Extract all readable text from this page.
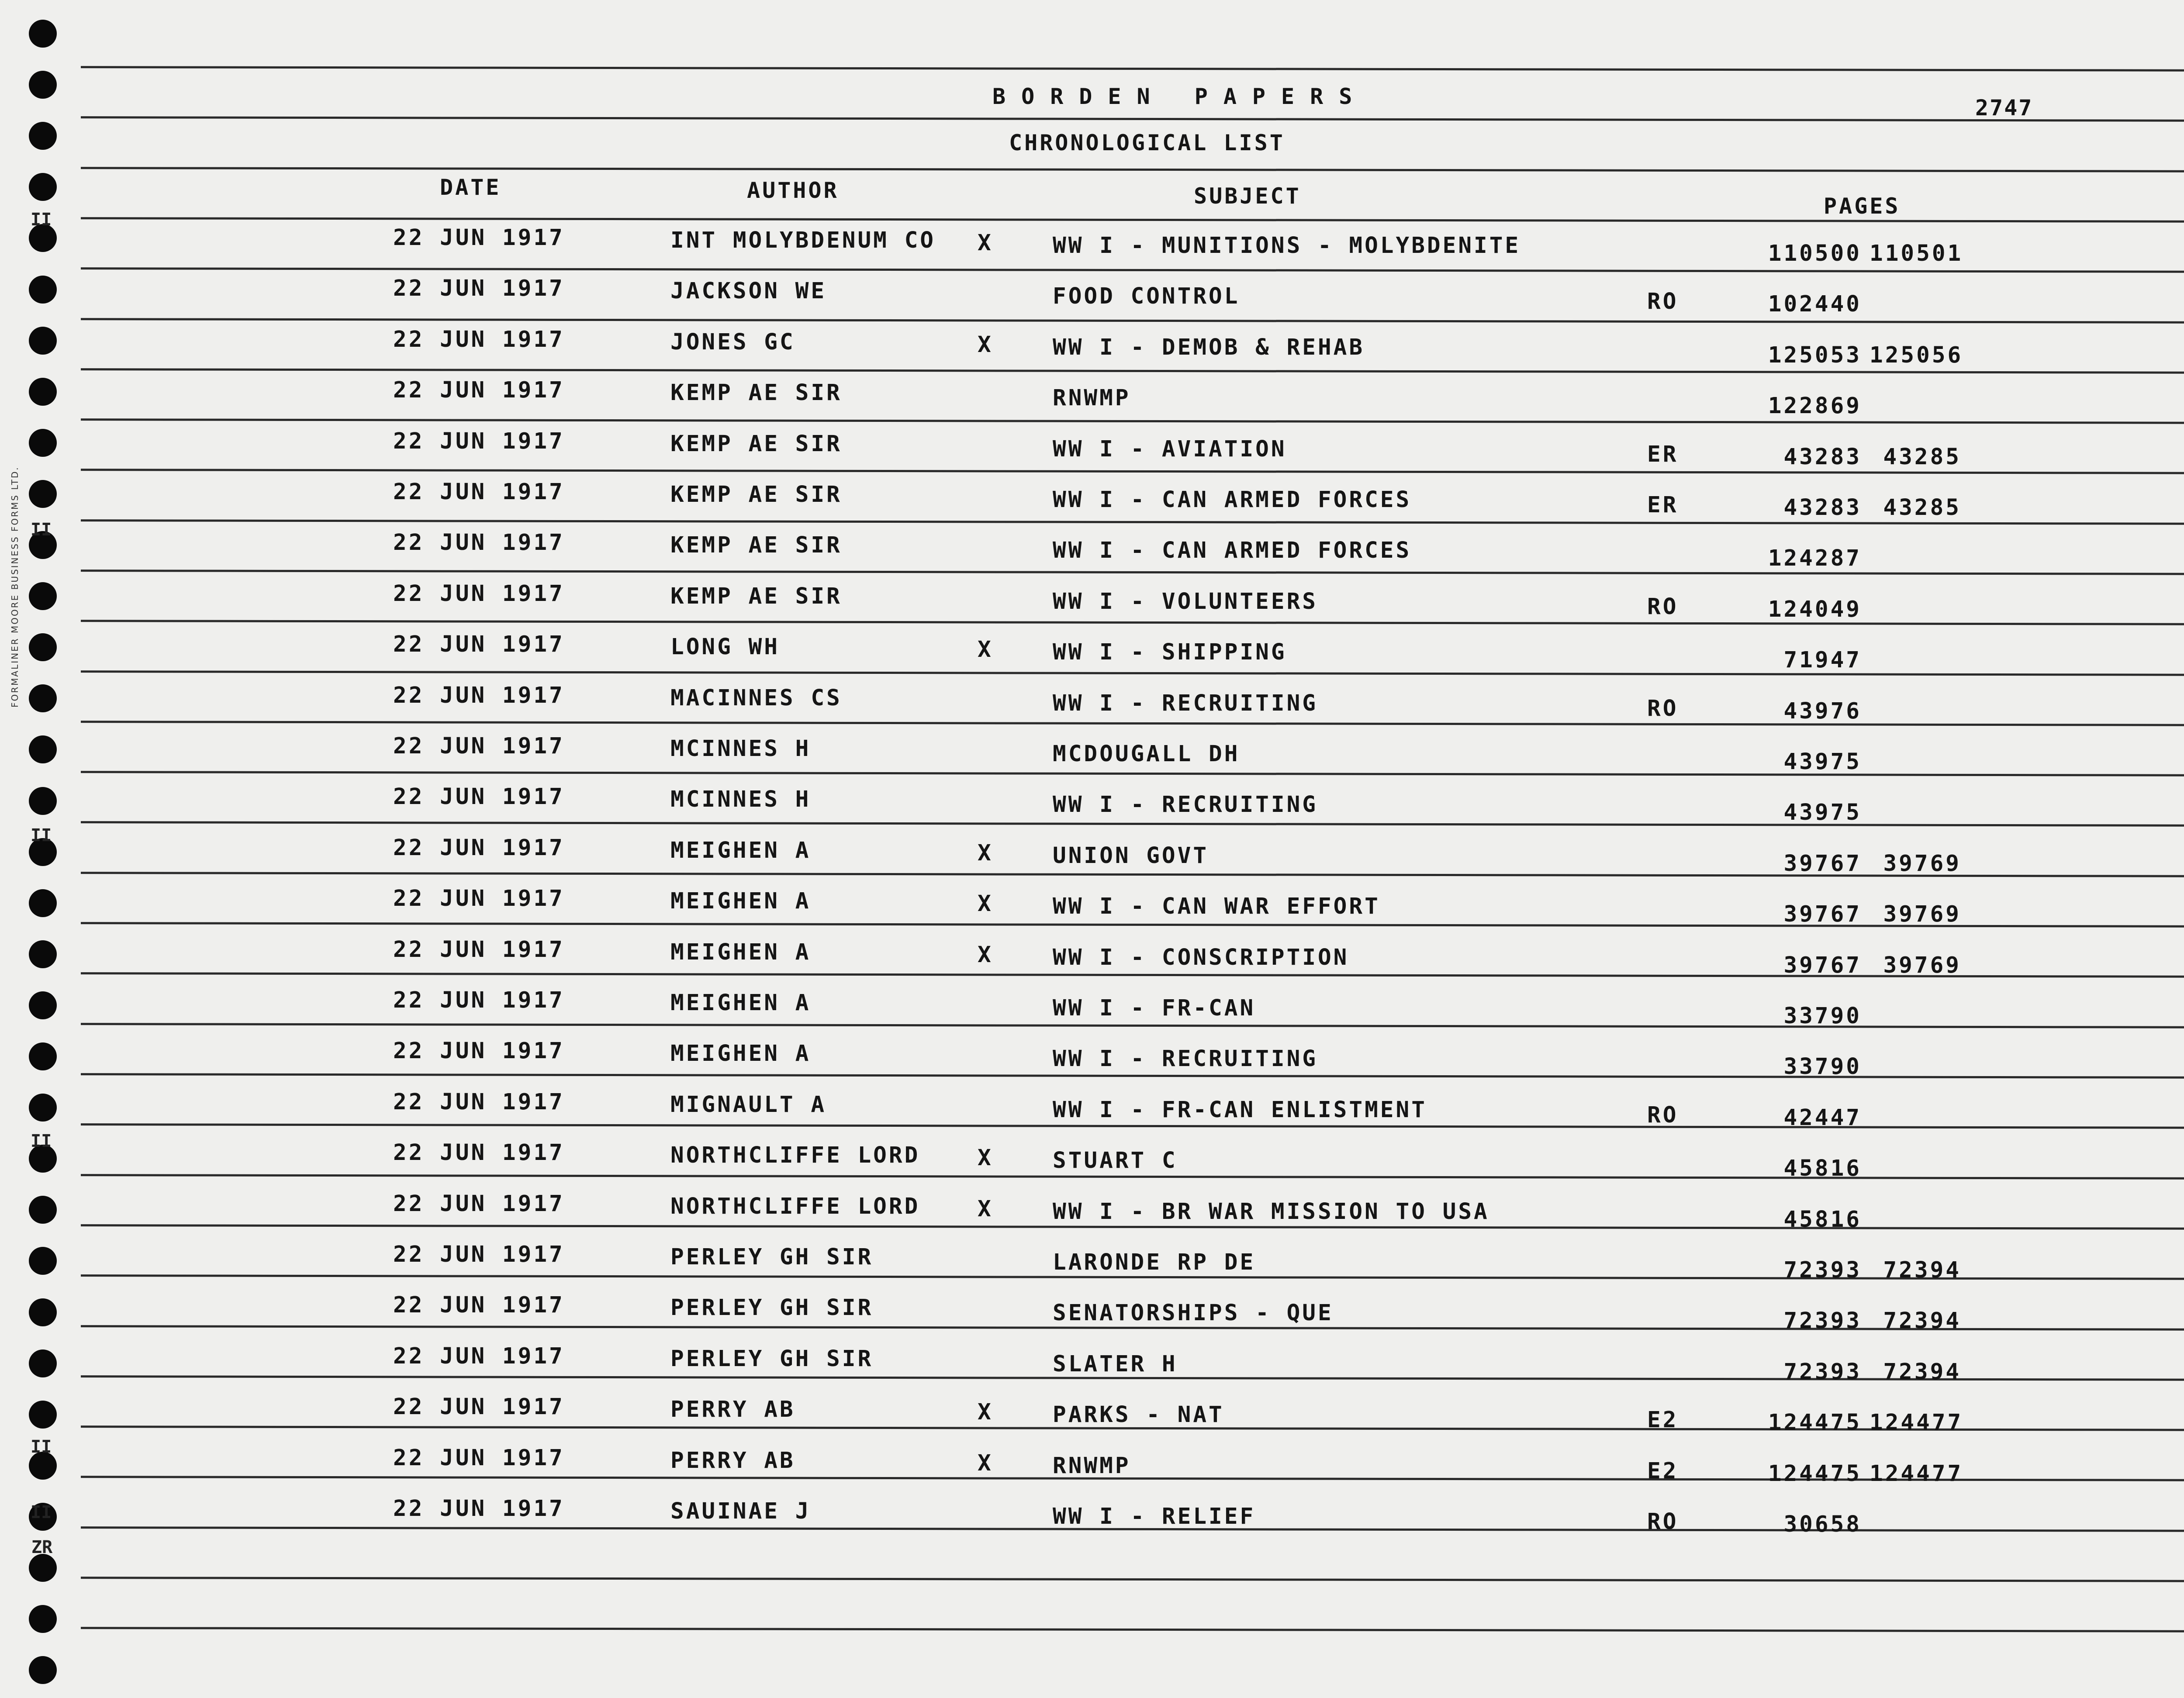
BORDEN PAPERS	2747
CHRONOLOGICAL LIST
DATE	AUTHOR	SUBJECT	PAGES
22 JUN 1917	INT MOLYBDENUM CO X	WW I - MUNITIONS - MOLYBDENITE	110500 110501
22 JUN 1917	JACKSON WE	FOOD CONTROL	RO	102440
22 JUN 1917	JONES GC	X	WW I - DEMOB & REHAB	125053 125056
22 JUN 1917	KEMP AE SIR	RNWMP	122869
22 JUN 1917	KEMP AE SIR	WW I - AVIATION	ER	43283 43285
22 JUN 1917	KEMP AE SIR	WW I - CAN ARMED FORCES	ER	43283 43285
22 JUN 1917	KEMP AE SIR	WW I - CAN ARMED FORCES	124287
22 JUN 1917	KEMP AE SIR	WW I - VOLUNTEERS	RO	124049
22 JUN 1917	LONG WH	X	WW I - SHIPPING	71947
22 JUN 1917	MACINNES CS	WW I - RECRUITING	RO	43976
22 JUN 1917	MCINNES H	MCDOUGALL DH	43975
22 JUN 1917	MCINNES H	WW I - RECRUITING	43975
22 JUN 1917	MEIGHEN A	X	UNION GOVT	39767 39769
22 JUN 1917	MEIGHEN A	X	WW I - CAN WAR EFFORT	39767 39769
22 JUN 1917	MEIGHEN A	X	WW I - CONSCRIPTION	39767 39769
22 JUN 1917	MEIGHEN A	WW I - FR-CAN	33790
22 JUN 1917	MEIGHEN A	WW I - RECRUITING	33790
22 JUN 1917	MIGNAULT A	WW I - FR-CAN ENLISTMENT	RO	42447
22 JUN 1917	NORTHCLIFFE LORD	X	STUART C	45816
22 JUN 1917	NORTHCLIFFE LORD	X	WW I - BR WAR MISSION TO USA	45816
22 JUN 1917	PERLEY GH SIR	LARONDE RP DE	72393 72394
22 JUN 1917	PERLEY GH SIR	SENATORSHIPS - QUE	72393 72394
22 JUN 1917	PERLEY GH SIR	SLATER H	72393 72394
22 JUN 1917	PERRY AB	X	PARKS - NAT	E2	124475 124477
22 JUN 1917	PERRY AB	X	RNWMP	E2	124475 124477
22 JUN 1917	SAUINAE J	WW I - RELIEF	RO	30658
II
II
II
II
II
II
ZR
FORMALINER MOORE BUSINESS FORMS LTD.
